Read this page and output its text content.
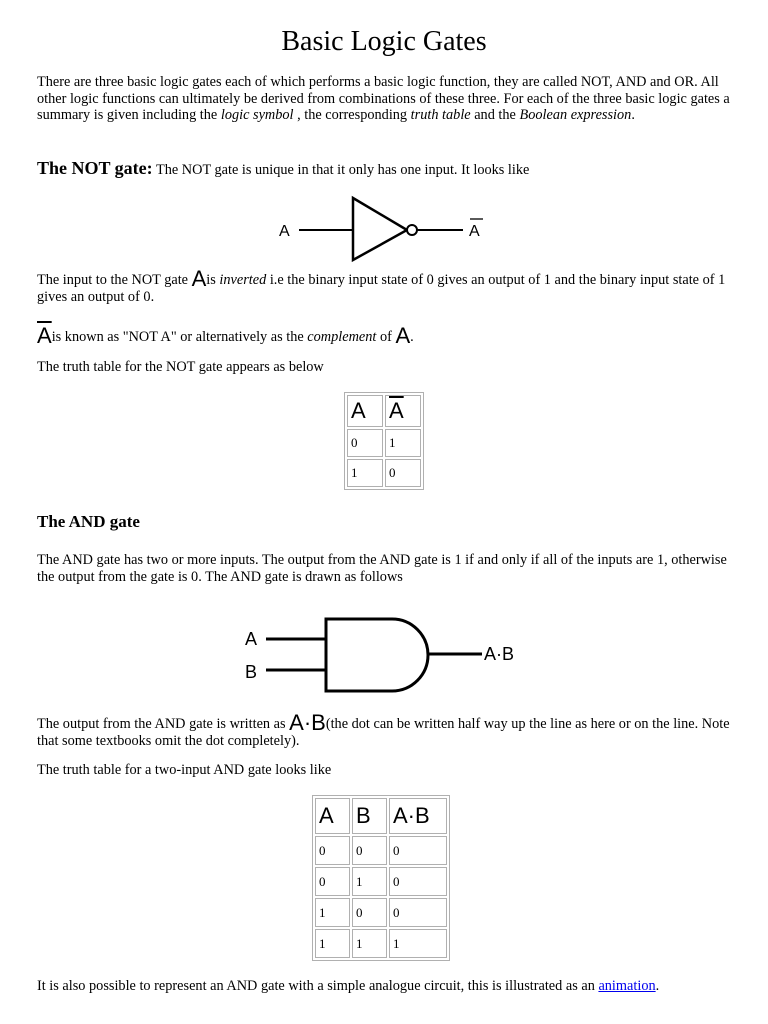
Basic Logic Gates

There are three basic logic gates each of which performs a basic logic function, they are called NOT, AND and OR. All other logic functions can ultimately be derived from combinations of these three. For each of the three basic logic gates a summary is given including the logic symbol , the corresponding truth table and the Boolean expression.

The NOT gate: The NOT gate is unique in that it only has one input. It looks like

A	A

The input to the NOT gate Ais inverted i.e the binary input state of 0 gives an output of 1 and the binary input state of 1 gives an output of 0.

$\overline{A}is$ known as "NOT A" or alternatively as the complement of A.

The truth table for the NOT gate appears as below

A	$\overline{A}$
0	1
1	0

The AND gate

The AND gate has two or more inputs. The output from the AND gate is 1 if and only if all of the inputs are 1, otherwise the output from the gate is 0. The AND gate is drawn as follows

A
B
A·B

The output from the AND gate is written as A·B(the dot can be written half way up the line as here or on the line. Note that some textbooks omit the dot completely).

The truth table for a two-input AND gate looks like

A	B	A·B
0	0	0
0	1	0
1	0	0
1	1	1

It is also possible to represent an AND gate with a simple analogue circuit, this is illustrated as an animation.
